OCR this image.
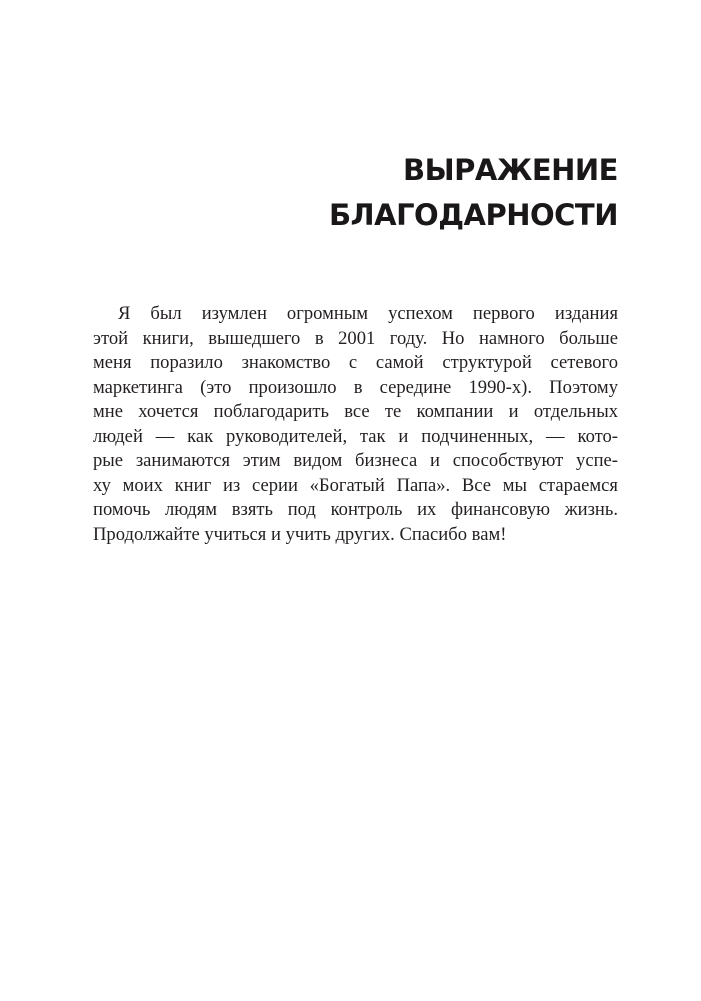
ВЫРАЖЕНИЕ
БЛАГОДАРНОСТИ
Я был изумлен огромным успехом первого издания
этой книги, вышедшего в 2001 году. Но намного больше
меня поразило знакомство с самой структурой сетевого
маркетинга (это произошло в середине 1990-х). Поэтому
мне хочется поблагодарить все те компании и отдельных
людей — как руководителей, так и подчиненных, — кото-
рые занимаются этим видом бизнеса и способствуют успе-
ху моих книг из серии «Богатый Папа». Все мы стараемся
помочь людям взять под контроль их финансовую жизнь.
Продолжайте учиться и учить других. Спасибо вам!
